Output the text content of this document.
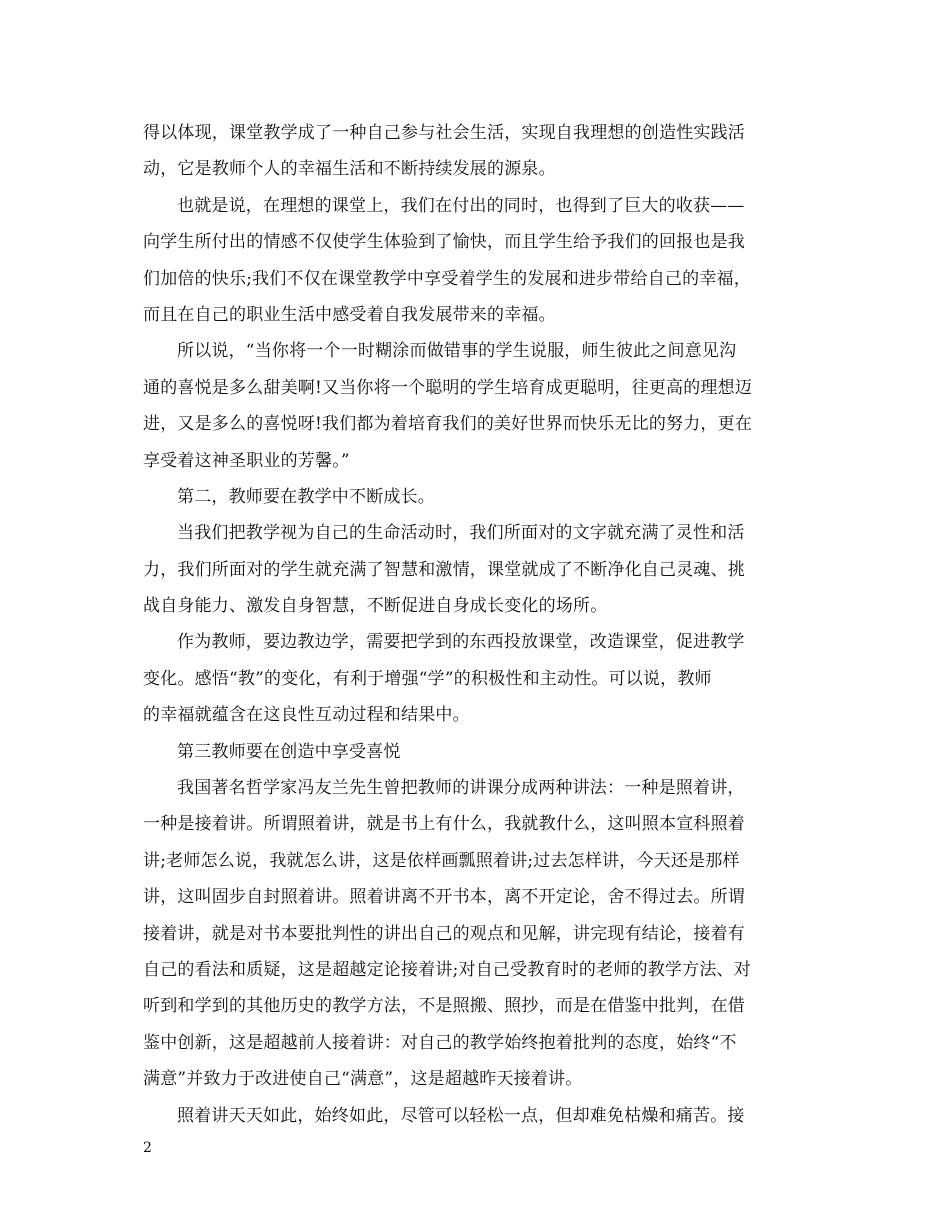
得以体现，课堂教学成了一种自己参与社会生活，实现自我理想的创造性实践活
动，它是教师个人的幸福生活和不断持续发展的源泉。
也就是说，在理想的课堂上，我们在付出的同时，也得到了巨大的收获——
向学生所付出的情感不仅使学生体验到了愉快，而且学生给予我们的回报也是我
们加倍的快乐;我们不仅在课堂教学中享受着学生的发展和进步带给自己的幸福，
而且在自己的职业生活中感受着自我发展带来的幸福。
所以说，“当你将一个一时糊涂而做错事的学生说服，师生彼此之间意见沟
通的喜悦是多么甜美啊!又当你将一个聪明的学生培育成更聪明，往更高的理想迈
进，又是多么的喜悦呀!我们都为着培育我们的美好世界而快乐无比的努力，更在
享受着这神圣职业的芳馨。”
第二，教师要在教学中不断成长。
当我们把教学视为自己的生命活动时，我们所面对的文字就充满了灵性和活
力，我们所面对的学生就充满了智慧和激情，课堂就成了不断净化自己灵魂、挑
战自身能力、激发自身智慧，不断促进自身成长变化的场所。
作为教师，要边教边学，需要把学到的东西投放课堂，改造课堂，促进教学
变化。感悟“教”的变化，有利于增强“学”的积极性和主动性。可以说，教师
的幸福就蕴含在这良性互动过程和结果中。
第三教师要在创造中享受喜悦
我国著名哲学家冯友兰先生曾把教师的讲课分成两种讲法：一种是照着讲，
一种是接着讲。所谓照着讲，就是书上有什么，我就教什么，这叫照本宣科照着
讲;老师怎么说，我就怎么讲，这是依样画瓢照着讲;过去怎样讲，今天还是那样
讲，这叫固步自封照着讲。照着讲离不开书本，离不开定论，舍不得过去。所谓
接着讲，就是对书本要批判性的讲出自己的观点和见解，讲完现有结论，接着有
自己的看法和质疑，这是超越定论接着讲;对自己受教育时的老师的教学方法、对
听到和学到的其他历史的教学方法，不是照搬、照抄，而是在借鉴中批判，在借
鉴中创新，这是超越前人接着讲：对自己的教学始终抱着批判的态度，始终“不
满意”并致力于改进使自己“满意”，这是超越昨天接着讲。
照着讲天天如此，始终如此，尽管可以轻松一点，但却难免枯燥和痛苦。接
2
